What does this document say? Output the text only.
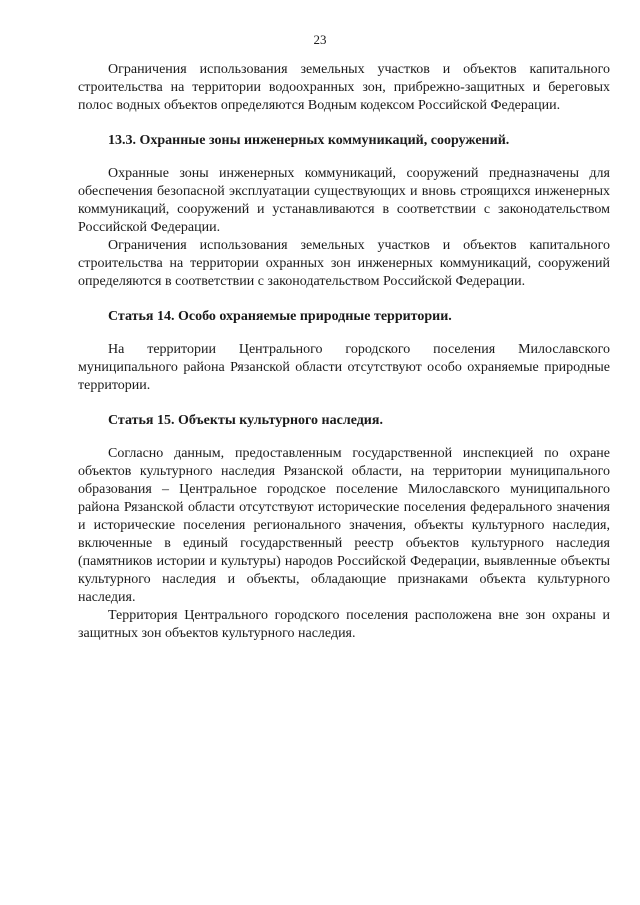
23

Ограничения использования земельных участков и объектов капитального строительства на территории водоохранных зон, прибрежно-защитных и береговых полос водных объектов определяются Водным кодексом Российской Федерации.

13.3. Охранные зоны инженерных коммуникаций, сооружений.

Охранные зоны инженерных коммуникаций, сооружений предназначены для обеспечения безопасной эксплуатации существующих и вновь строящихся инженерных коммуникаций, сооружений и устанавливаются в соответствии с законодательством Российской Федерации.

Ограничения использования земельных участков и объектов капитального строительства на территории охранных зон инженерных коммуникаций, сооружений определяются в соответствии с законодательством Российской Федерации.

Статья 14. Особо охраняемые природные территории.

На территории Центрального городского поселения Милославского муниципального района Рязанской области отсутствуют особо охраняемые природные территории.

Статья 15. Объекты культурного наследия.

Согласно данным, предоставленным государственной инспекцией по охране объектов культурного наследия Рязанской области, на территории муниципального образования – Центральное городское поселение Милославского муниципального района Рязанской области отсутствуют исторические поселения федерального значения и исторические поселения регионального значения, объекты культурного наследия, включенные в единый государственный реестр объектов культурного наследия (памятников истории и культуры) народов Российской Федерации, выявленные объекты культурного наследия и объекты, обладающие признаками объекта культурного наследия.

Территория Центрального городского поселения расположена вне зон охраны и защитных зон объектов культурного наследия.
